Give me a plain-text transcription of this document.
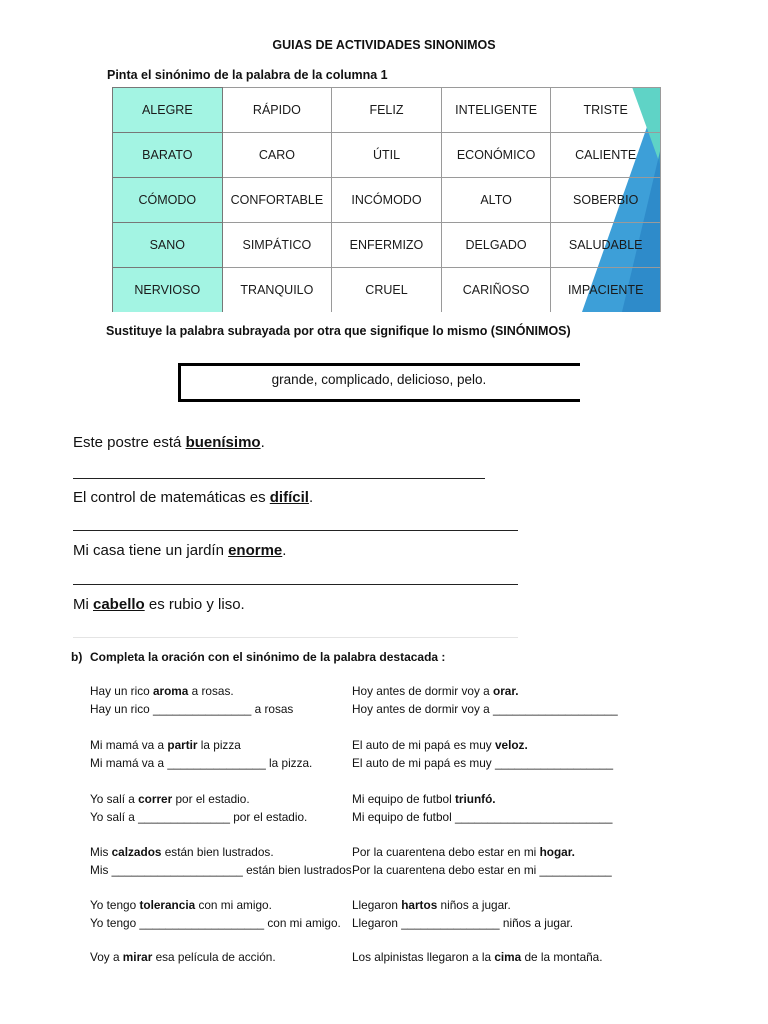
GUIAS DE ACTIVIDADES SINONIMOS
Pinta el sinónimo de la palabra de la columna 1
ALEGRE	RÁPIDO	FELIZ	INTELIGENTE	TRISTE
BARATO	CARO	ÚTIL	ECONÓMICO	CALIENTE
CÓMODO	CONFORTABLE	INCÓMODO	ALTO	SOBERBIO
SANO	SIMPÁTICO	ENFERMIZO	DELGADO	SALUDABLE
NERVIOSO	TRANQUILO	CRUEL	CARIÑOSO	IMPACIENTE
Sustituye la palabra subrayada por otra que signifique lo mismo (SINÓNIMOS)
grande, complicado, delicioso, pelo.
Este postre está buenísimo.
El control de matemáticas es difícil.
Mi casa tiene un jardín enorme.
Mi cabello es rubio y liso.
b) Completa la oración con el sinónimo de la palabra destacada :
Hay un rico aroma a rosas.
Hay un rico _______________ a rosas
Mi mamá va a partir la pizza
Mi mamá va a _______________ la pizza.
Yo salí a correr por el estadio.
Yo salí a ______________ por el estadio.
Mis calzados están bien lustrados.
Mis ____________________ están bien lustrados.
Yo tengo tolerancia con mi amigo.
Yo tengo ___________________ con mi amigo.
Voy a mirar esa película de acción.
Hoy antes de dormir voy a orar.
Hoy antes de dormir voy a ___________________
El auto de mi papá es muy veloz.
El auto de mi papá es muy __________________
Mi equipo de futbol triunfó.
Mi equipo de futbol ________________________
Por la cuarentena debo estar en mi hogar.
Por la cuarentena debo estar en mi ___________
Llegaron hartos niños a jugar.
Llegaron _______________ niños a jugar.
Los alpinistas llegaron a la cima de la montaña.
